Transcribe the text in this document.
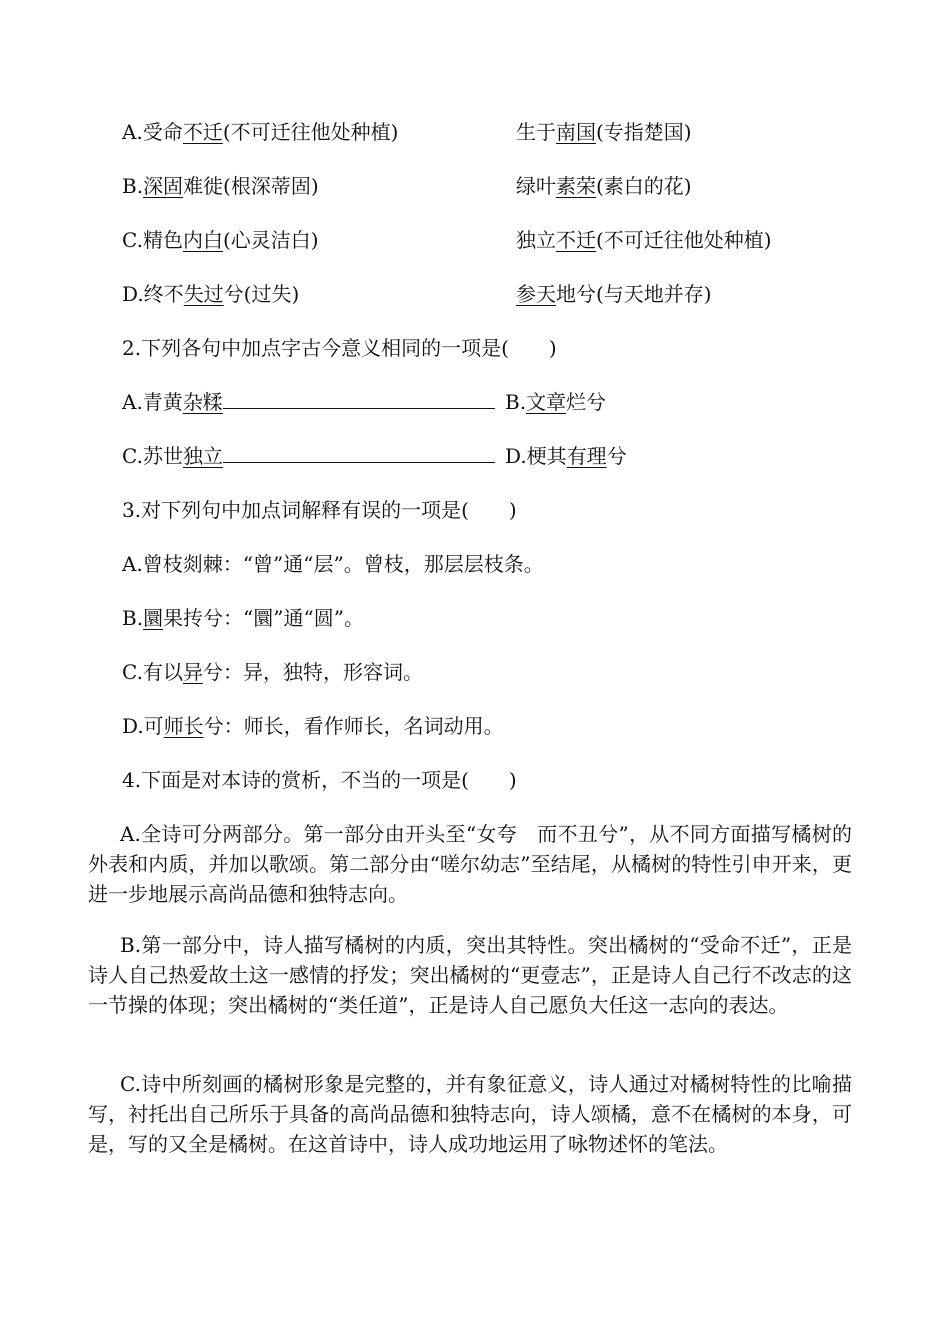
A.受命不迁(不可迁往他处种植)	生于南国(专指楚国)
B.深固难徙(根深蒂固)	绿叶素荣(素白的花)
C.精色内白(心灵洁白)	独立不迁(不可迁往他处种植)
D.终不失过兮(过失)	参天地兮(与天地并存)
2.下列各句中加点字古今意义相同的一项是(　　)
A.青黄杂糅	B.文章烂兮
C.苏世独立	D.梗其有理兮
3.对下列句中加点词解释有误的一项是(　　)
A.曾枝剡棘：“曾”通“层”。曾枝，那层层枝条。
B.圜果抟兮：“圜”通“圆”。
C.有以异兮：异，独特，形容词。
D.可师长兮：师长，看作师长，名词动用。
4.下面是对本诗的赏析，不当的一项是(　　)
A.全诗可分两部分。第一部分由开头至“女夸　而不丑兮”，从不同方面描写橘树的外表和内质，并加以歌颂。第二部分由“嗟尔幼志”至结尾，从橘树的特性引申开来，更进一步地展示高尚品德和独特志向。
B.第一部分中，诗人描写橘树的内质，突出其特性。突出橘树的“受命不迁”，正是诗人自己热爱故土这一感情的抒发；突出橘树的“更壹志”，正是诗人自己行不改志的这一节操的体现；突出橘树的“类任道”，正是诗人自己愿负大任这一志向的表达。
C.诗中所刻画的橘树形象是完整的，并有象征意义，诗人通过对橘树特性的比喻描写，衬托出自己所乐于具备的高尚品德和独特志向，诗人颂橘，意不在橘树的本身，可是，写的又全是橘树。在这首诗中，诗人成功地运用了咏物述怀的笔法。
